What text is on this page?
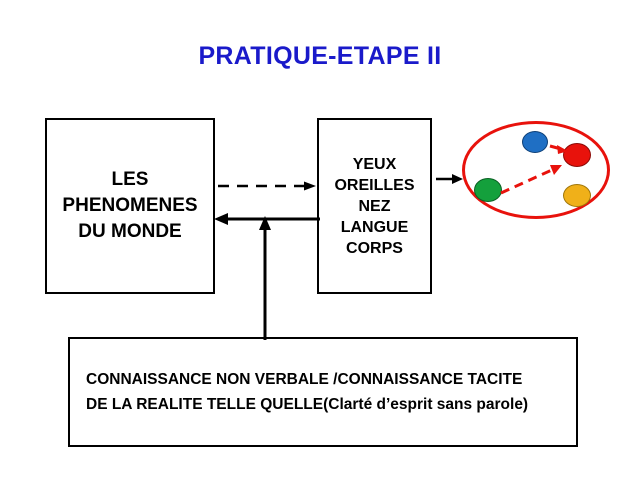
PRATIQUE-ETAPE II
LES
PHENOMENES
DU MONDE
YEUX
OREILLES
NEZ
LANGUE
CORPS
CONNAISSANCE NON VERBALE /CONNAISSANCE TACITE
DE LA REALITE TELLE QUELLE(Clarté d’esprit sans parole)
